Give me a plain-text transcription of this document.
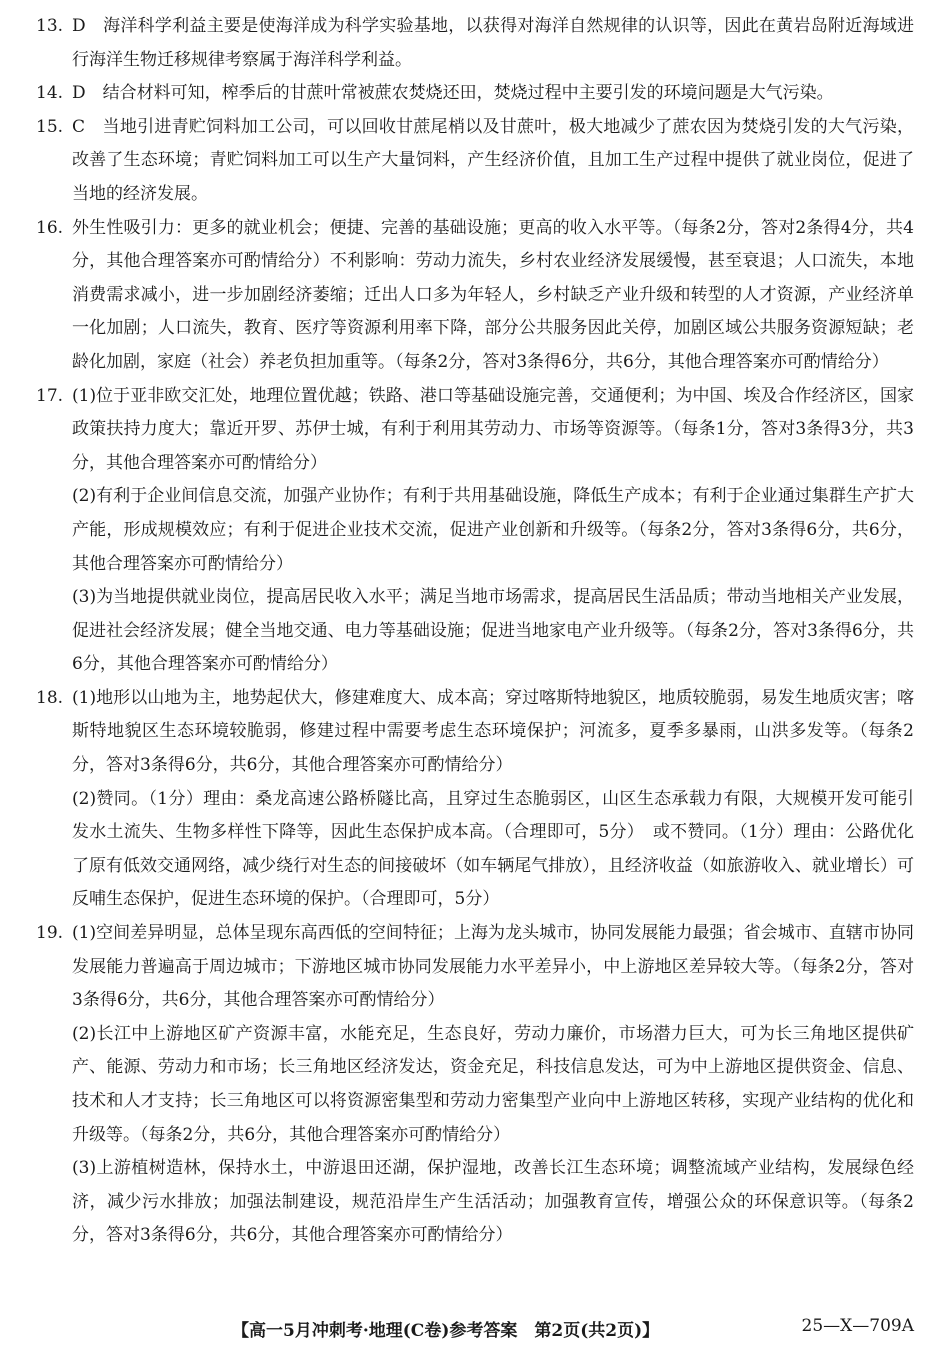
13. D　海洋科学利益主要是使海洋成为科学实验基地，以获得对海洋自然规律的认识等，因此在黄岩岛附近海域进行海洋生物迁移规律考察属于海洋科学利益。
14. D　结合材料可知，榨季后的甘蔗叶常被蔗农焚烧还田，焚烧过程中主要引发的环境问题是大气污染。
15. C　当地引进青贮饲料加工公司，可以回收甘蔗尾梢以及甘蔗叶，极大地减少了蔗农因为焚烧引发的大气污染，改善了生态环境；青贮饲料加工可以生产大量饲料，产生经济价值，且加工生产过程中提供了就业岗位，促进了当地的经济发展。
16. 外生性吸引力：更多的就业机会；便捷、完善的基础设施；更高的收入水平等。（每条2分，答对2条得4分，共4分，其他合理答案亦可酌情给分）不利影响：劳动力流失，乡村农业经济发展缓慢，甚至衰退；人口流失，本地消费需求减小，进一步加剧经济萎缩；迁出人口多为年轻人，乡村缺乏产业升级和转型的人才资源，产业经济单一化加剧；人口流失，教育、医疗等资源利用率下降，部分公共服务因此关停，加剧区域公共服务资源短缺；老龄化加剧，家庭（社会）养老负担加重等。（每条2分，答对3条得6分，共6分，其他合理答案亦可酌情给分）
17. (1)位于亚非欧交汇处，地理位置优越；铁路、港口等基础设施完善，交通便利；为中国、埃及合作经济区，国家政策扶持力度大；靠近开罗、苏伊士城，有利于利用其劳动力、市场等资源等。（每条1分，答对3条得3分，共3分，其他合理答案亦可酌情给分）
(2)有利于企业间信息交流，加强产业协作；有利于共用基础设施，降低生产成本；有利于企业通过集群生产扩大产能，形成规模效应；有利于促进企业技术交流，促进产业创新和升级等。（每条2分，答对3条得6分，共6分，其他合理答案亦可酌情给分）
(3)为当地提供就业岗位，提高居民收入水平；满足当地市场需求，提高居民生活品质；带动当地相关产业发展，促进社会经济发展；健全当地交通、电力等基础设施；促进当地家电产业升级等。（每条2分，答对3条得6分，共6分，其他合理答案亦可酌情给分）
18. (1)地形以山地为主，地势起伏大，修建难度大、成本高；穿过喀斯特地貌区，地质较脆弱，易发生地质灾害；喀斯特地貌区生态环境较脆弱，修建过程中需要考虑生态环境保护；河流多，夏季多暴雨，山洪多发等。（每条2分，答对3条得6分，共6分，其他合理答案亦可酌情给分）
(2)赞同。（1分）理由：桑龙高速公路桥隧比高，且穿过生态脆弱区，山区生态承载力有限，大规模开发可能引发水土流失、生物多样性下降等，因此生态保护成本高。（合理即可，5分）　或不赞同。（1分）理由：公路优化了原有低效交通网络，减少绕行对生态的间接破坏（如车辆尾气排放），且经济收益（如旅游收入、就业增长）可反哺生态保护，促进生态环境的保护。（合理即可，5分）
19. (1)空间差异明显，总体呈现东高西低的空间特征；上海为龙头城市，协同发展能力最强；省会城市、直辖市协同发展能力普遍高于周边城市；下游地区城市协同发展能力水平差异小，中上游地区差异较大等。（每条2分，答对3条得6分，共6分，其他合理答案亦可酌情给分）
(2)长江中上游地区矿产资源丰富，水能充足，生态良好，劳动力廉价，市场潜力巨大，可为长三角地区提供矿产、能源、劳动力和市场；长三角地区经济发达，资金充足，科技信息发达，可为中上游地区提供资金、信息、技术和人才支持；长三角地区可以将资源密集型和劳动力密集型产业向中上游地区转移，实现产业结构的优化和升级等。（每条2分，共6分，其他合理答案亦可酌情给分）
(3)上游植树造林，保持水土，中游退田还湖，保护湿地，改善长江生态环境；调整流域产业结构，发展绿色经济，减少污水排放；加强法制建设，规范沿岸生产生活活动；加强教育宣传，增强公众的环保意识等。（每条2分，答对3条得6分，共6分，其他合理答案亦可酌情给分）
【高一5月冲刺考·地理(C卷)参考答案　第2页(共2页)】	25—X—709A
